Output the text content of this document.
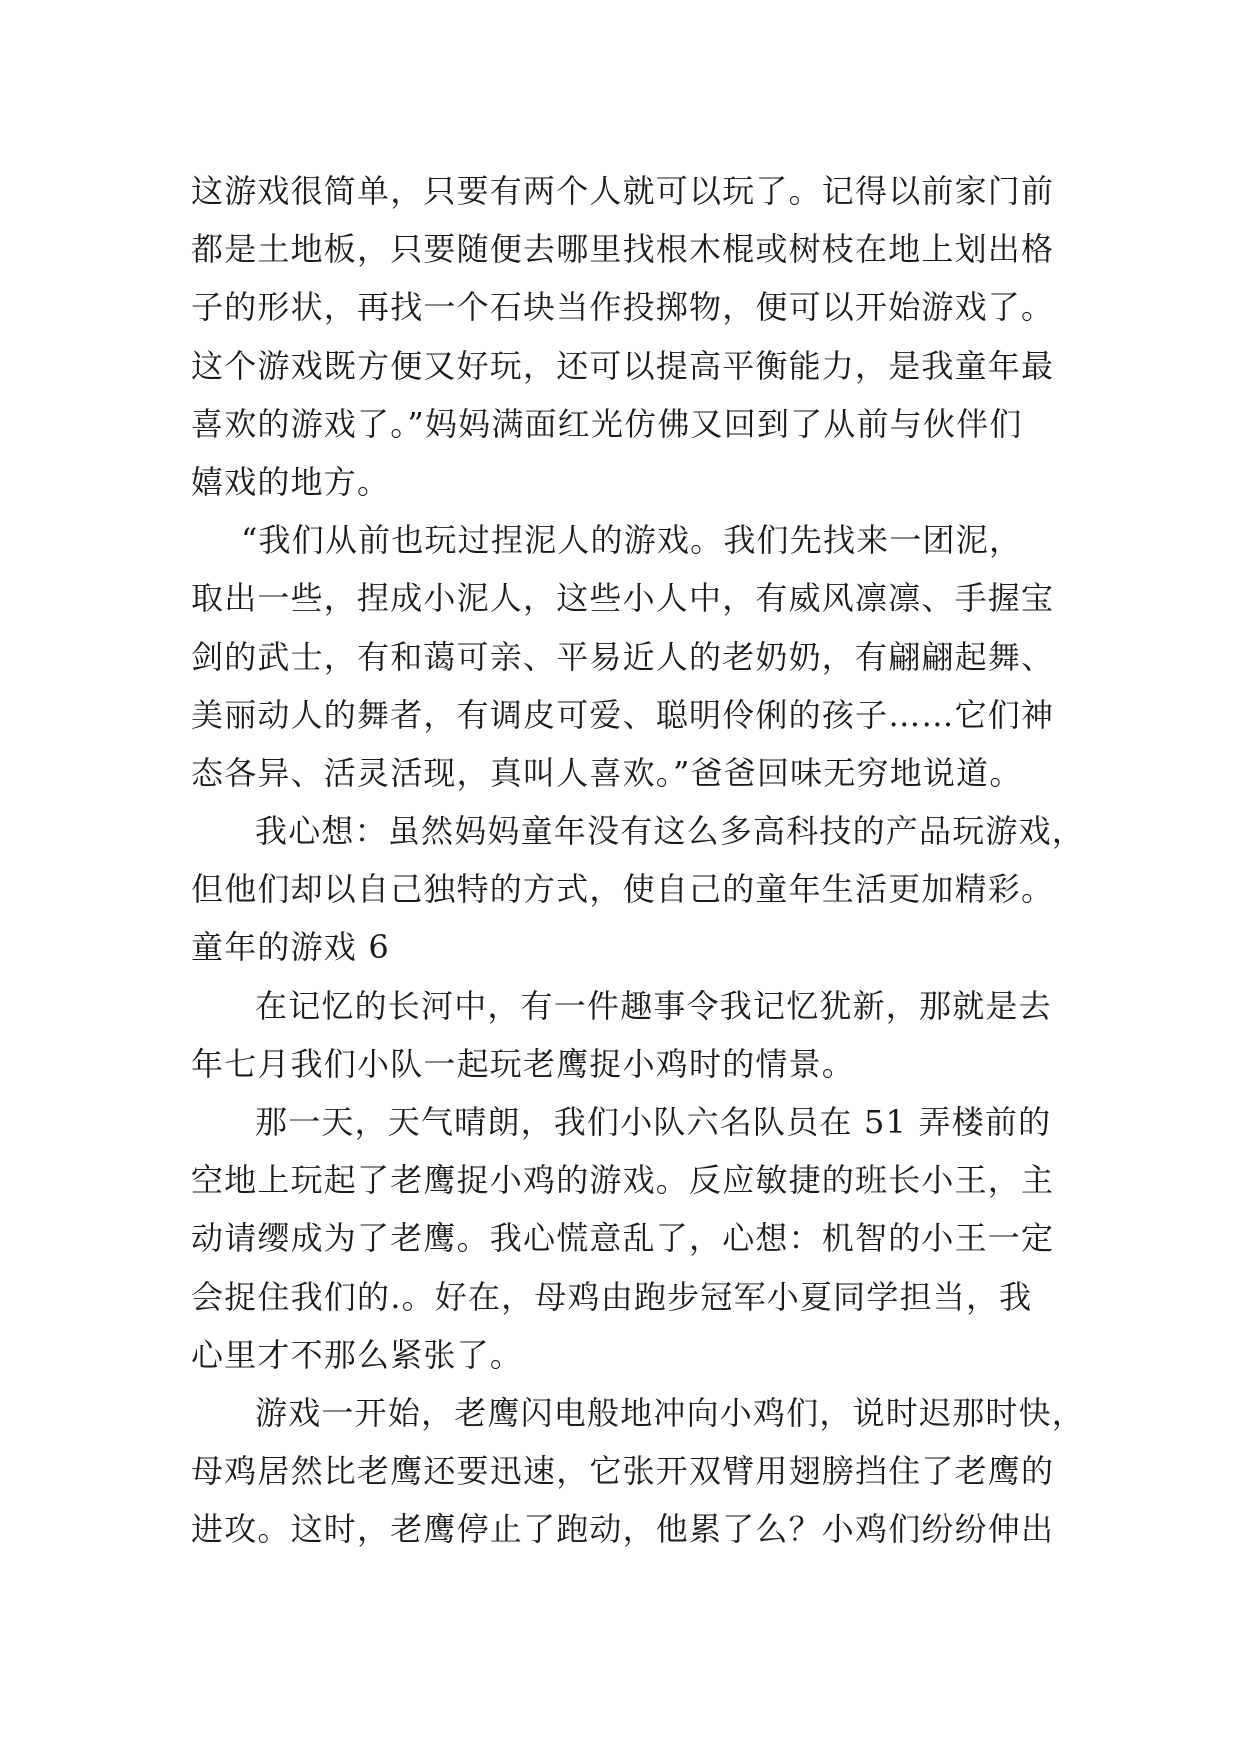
这游戏很简单，只要有两个人就可以玩了。记得以前家门前
都是土地板，只要随便去哪里找根木棍或树枝在地上划出格
子的形状，再找一个石块当作投掷物，便可以开始游戏了。
这个游戏既方便又好玩，还可以提高平衡能力，是我童年最
喜欢的游戏了。”妈妈满面红光仿佛又回到了从前与伙伴们
嬉戏的地方。
“我们从前也玩过捏泥人的游戏。我们先找来一团泥，
取出一些，捏成小泥人，这些小人中，有威风凛凛、手握宝
剑的武士，有和蔼可亲、平易近人的老奶奶，有翩翩起舞、
美丽动人的舞者，有调皮可爱、聪明伶俐的孩子……它们神
态各异、活灵活现，真叫人喜欢。”爸爸回味无穷地说道。
我心想：虽然妈妈童年没有这么多高科技的产品玩游戏，
但他们却以自己独特的方式，使自己的童年生活更加精彩。
童年的游戏 6
在记忆的长河中，有一件趣事令我记忆犹新，那就是去
年七月我们小队一起玩老鹰捉小鸡时的情景。
那一天，天气晴朗，我们小队六名队员在 51 弄楼前的
空地上玩起了老鹰捉小鸡的游戏。反应敏捷的班长小王，主
动请缨成为了老鹰。我心慌意乱了，心想：机智的小王一定
会捉住我们的.。好在，母鸡由跑步冠军小夏同学担当，我
心里才不那么紧张了。
游戏一开始，老鹰闪电般地冲向小鸡们，说时迟那时快，
母鸡居然比老鹰还要迅速，它张开双臂用翅膀挡住了老鹰的
进攻。这时，老鹰停止了跑动，他累了么？小鸡们纷纷伸出
